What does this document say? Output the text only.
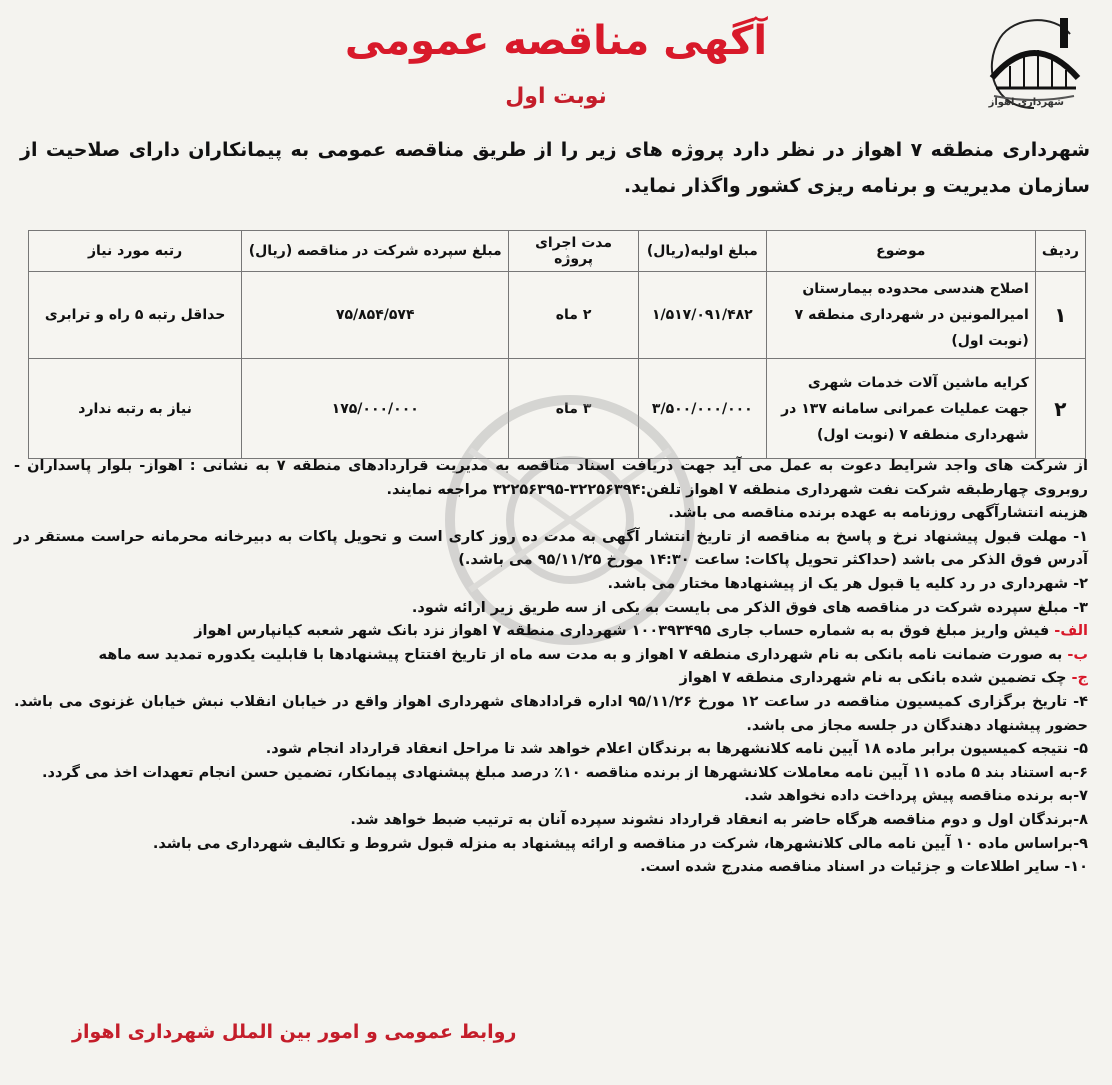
شهرداری اهواز
آگهی مناقصه عمومی
نوبت اول
شهرداری منطقه ۷ اهواز در نظر دارد پروژه های زیر را از طریق مناقصه عمومی به پیمانکاران دارای صلاحیت از سازمان مدیریت و برنامه ریزی کشور واگذار نماید.
ردیف	موضوع	مبلغ اولیه(ریال)	مدت اجرای پروژه	مبلغ سپرده شرکت در مناقصه (ریال)	رتبه مورد نیاز
۱	اصلاح هندسی محدوده بیمارستان امیرالمونین در شهرداری منطقه ۷ (نوبت اول)	۱/۵۱۷/۰۹۱/۴۸۲	۲ ماه	۷۵/۸۵۴/۵۷۴	حداقل رتبه ۵ راه و ترابری
۲	کرایه ماشین آلات خدمات شهری جهت عملیات عمرانی سامانه ۱۳۷ در شهرداری منطقه ۷ (نوبت اول)	۳/۵۰۰/۰۰۰/۰۰۰	۳ ماه	۱۷۵/۰۰۰/۰۰۰	نیاز به رتبه ندارد

از شرکت های واجد شرایط دعوت به عمل می آید جهت دریافت اسناد مناقصه به مدیریت قراردادهای منطقه ۷ به نشانی : اهواز- بلوار پاسداران - روبروی چهارطبقه شرکت نفت شهرداری منطقه ۷ اهواز تلفن:۳۲۲۵۶۳۹۴-۳۲۲۵۶۳۹۵ مراجعه نمایند.

هزینه انتشارآگهی روزنامه به عهده برنده مناقصه می باشد.

۱- مهلت قبول پیشنهاد نرخ و پاسخ به مناقصه از تاریخ انتشار آگهی به مدت ده روز کاری است و تحویل پاکات به دبیرخانه محرمانه حراست مستقر در آدرس فوق الذکر می باشد (حداکثر تحویل پاکات: ساعت ۱۴:۳۰ مورخ ۹۵/۱۱/۲۵ می باشد.)

۲- شهرداری در رد کلیه یا قبول هر یک از پیشنهادها مختار می باشد.

۳- مبلغ سپرده شرکت در مناقصه های فوق الذکر می بایست به یکی از سه طریق زیر ارائه شود.

الف- فیش واریز مبلغ فوق به به شماره حساب جاری ۱۰۰۳۹۳۴۹۵ شهرداری منطقه ۷ اهواز نزد بانک شهر شعبه کیانپارس اهواز

ب- به صورت ضمانت نامه بانکی به نام شهرداری منطقه ۷ اهواز و به مدت سه ماه از تاریخ افتتاح پیشنهادها با قابلیت یکدوره تمدید سه ماهه

ج- چک تضمین شده بانکی به نام شهرداری منطقه ۷ اهواز

۴- تاریخ برگزاری کمیسیون مناقصه در ساعت ۱۲ مورخ ۹۵/۱۱/۲۶ اداره قرادادهای شهرداری اهواز واقع در خیابان انقلاب نبش خیابان غزنوی می باشد. حضور پیشنهاد دهندگان در جلسه مجاز می باشد.

۵- نتیجه کمیسیون برابر ماده ۱۸ آیین نامه کلانشهرها به برندگان اعلام خواهد شد تا مراحل انعقاد قرارداد انجام شود.

۶-به استناد بند ۵ ماده ۱۱ آیین نامه معاملات کلانشهرها از برنده مناقصه ۱۰٪ درصد مبلغ پیشنهادی پیمانکار، تضمین حسن انجام تعهدات اخذ می گردد.

۷-به برنده مناقصه پیش پرداخت داده نخواهد شد.

۸-برندگان اول و دوم مناقصه هرگاه حاضر به انعقاد قرارداد نشوند سپرده آنان به ترتیب ضبط خواهد شد.

۹-براساس ماده ۱۰ آیین نامه مالی کلانشهرها، شرکت در مناقصه و ارائه پیشنهاد به منزله قبول شروط و تکالیف شهرداری می باشد.

۱۰- سایر اطلاعات و جزئیات در اسناد مناقصه مندرج شده است.

روابط عمومی و امور بین الملل شهرداری اهواز
